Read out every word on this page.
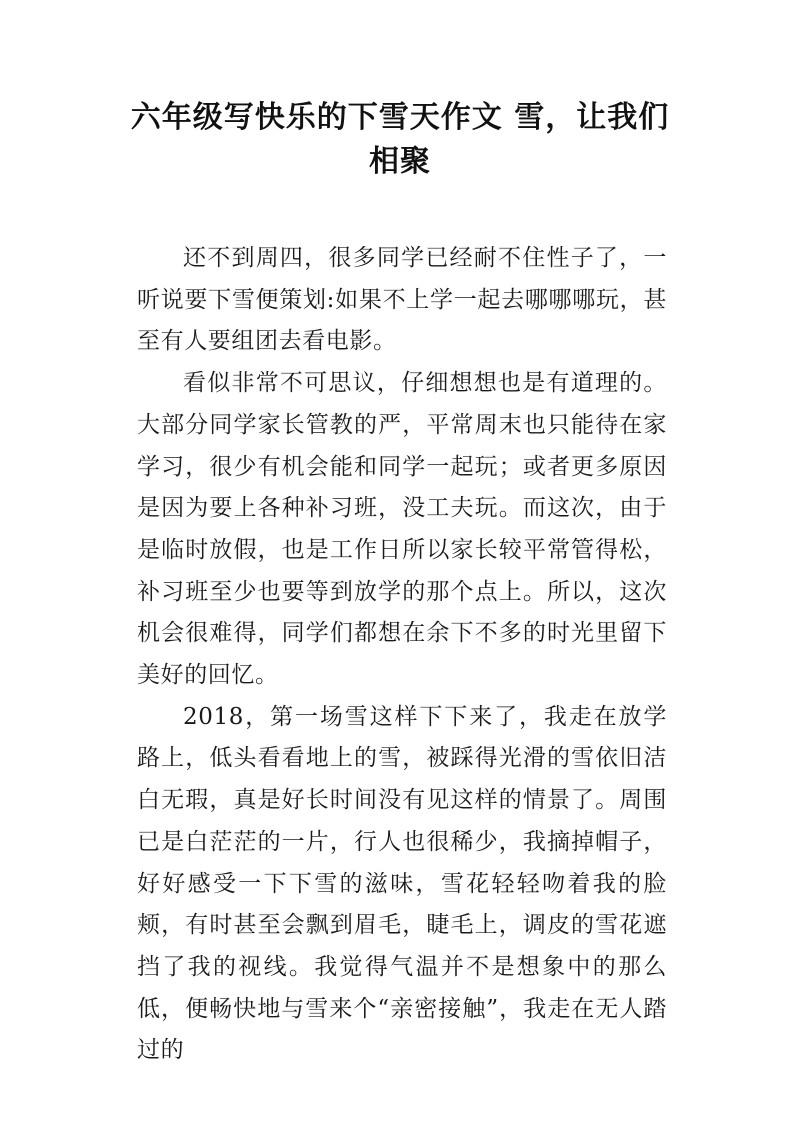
六年级写快乐的下雪天作文 雪，让我们相聚

还不到周四，很多同学已经耐不住性子了，一听说要下雪便策划:如果不上学一起去哪哪哪玩，甚至有人要组团去看电影。

看似非常不可思议，仔细想想也是有道理的。大部分同学家长管教的严，平常周末也只能待在家学习，很少有机会能和同学一起玩；或者更多原因是因为要上各种补习班，没工夫玩。而这次，由于是临时放假，也是工作日所以家长较平常管得松，补习班至少也要等到放学的那个点上。所以，这次机会很难得，同学们都想在余下不多的时光里留下美好的回忆。

2018，第一场雪这样下下来了，我走在放学路上，低头看看地上的雪，被踩得光滑的雪依旧洁白无瑕，真是好长时间没有见这样的情景了。周围已是白茫茫的一片，行人也很稀少，我摘掉帽子，好好感受一下下雪的滋味，雪花轻轻吻着我的脸颊，有时甚至会飘到眉毛，睫毛上，调皮的雪花遮挡了我的视线。我觉得气温并不是想象中的那么低，便畅快地与雪来个“亲密接触”，我走在无人踏过的
